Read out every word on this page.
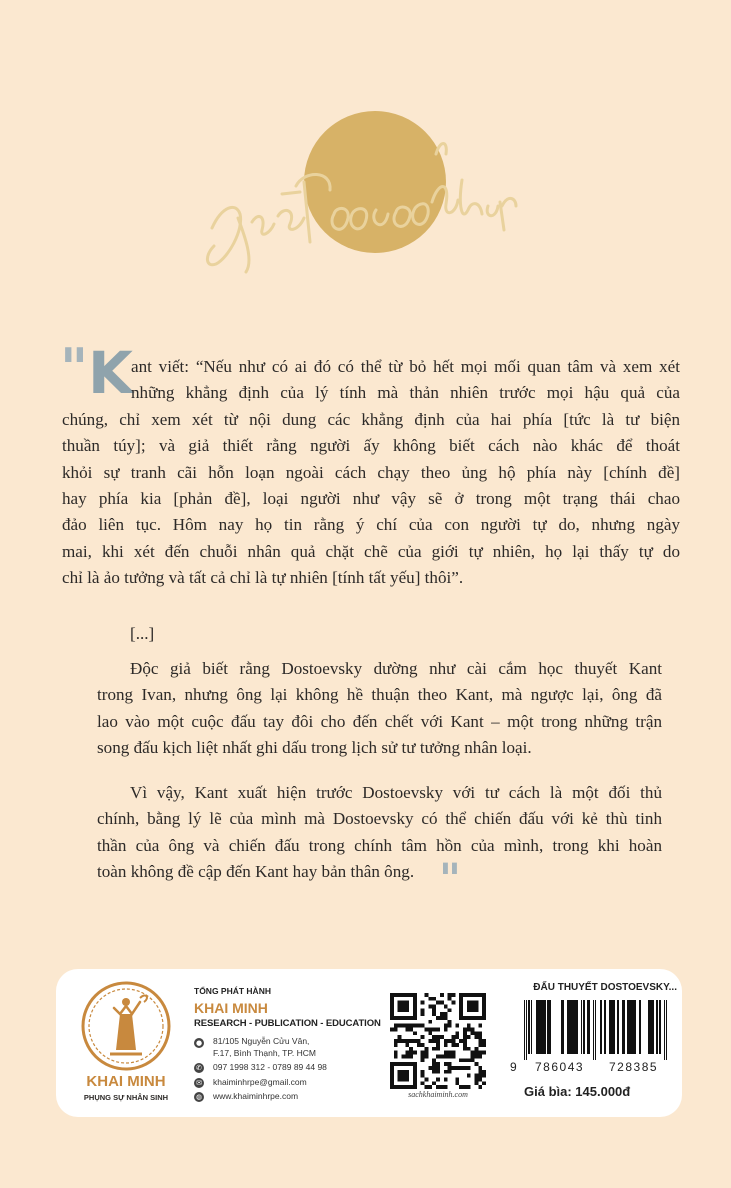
" K

ant viết: “Nếu như có ai đó có thể từ bỏ hết mọi mối quan tâm và xem xét
những khẳng định của lý tính mà thản nhiên trước mọi hậu quả của
chúng, chỉ xem xét từ nội dung các khẳng định của hai phía [tức là tư biện
thuần túy]; và giả thiết rằng người ấy không biết cách nào khác để thoát
khỏi sự tranh cãi hỗn loạn ngoài cách chạy theo ủng hộ phía này [chính đề]
hay phía kia [phản đề], loại người như vậy sẽ ở trong một trạng thái chao
đảo liên tục. Hôm nay họ tin rằng ý chí của con người tự do, nhưng ngày
mai, khi xét đến chuỗi nhân quả chặt chẽ của giới tự nhiên, họ lại thấy tự do
chỉ là ảo tưởng và tất cả chỉ là tự nhiên [tính tất yếu] thôi”.

[...]

Độc giả biết rằng Dostoevsky dường như cài cắm học thuyết Kant
trong Ivan, nhưng ông lại không hề thuận theo Kant, mà ngược lại, ông đã
lao vào một cuộc đấu tay đôi cho đến chết với Kant – một trong những trận
song đấu kịch liệt nhất ghi dấu trong lịch sử tư tưởng nhân loại.

Vì vậy, Kant xuất hiện trước Dostoevsky với tư cách là một đối thủ
chính, bằng lý lẽ của mình mà Dostoevsky có thể chiến đấu với kẻ thù tinh
thần của ông và chiến đấu trong chính tâm hồn của mình, trong khi hoàn
toàn không đề cập đến Kant hay bản thân ông. "

KHAI MINH

PHỤNG SỰ NHÂN SINH

TỔNG PHÁT HÀNH

KHAI MINH

RESEARCH - PUBLICATION - EDUCATION

● 81/105 Nguyễn Cửu Vân,

F.17, Bình Thạnh, TP. HCM

✆ 097 1998 312 - 0789 89 44 98

✉ khaiminhrpe@gmail.com

◍ www.khaiminhrpe.com	sachkhaiminh.com

ĐẤU THUYẾT DOSTOEVSKY...

9 786043 728385

Giá bìa: 145.000đ
